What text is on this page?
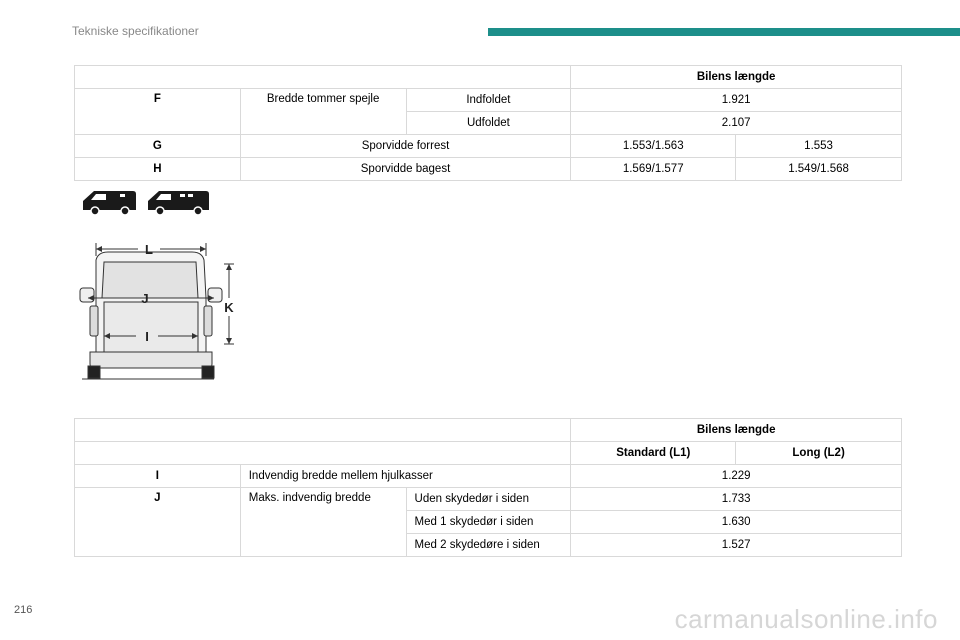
Tekniske specifikationer
			Bilens længde	
F	Bredde tommer spejle	Indfoldet	1.921	
		Udfoldet	2.107	
G	Sporvidde forrest		1.553/1.563	1.553
H	Sporvidde bagest		1.569/1.577	1.549/1.568
L
J
K
I
			Bilens længde	
			Standard (L1)	Long (L2)
I	Indvendig bredde mellem hjulkasser		1.229	
J	Maks. indvendig bredde	Uden skydedør i siden	1.733	
		Med 1 skydedør i siden	1.630	
		Med 2 skydedøre i siden	1.527	
216	carmanualsonline.info
